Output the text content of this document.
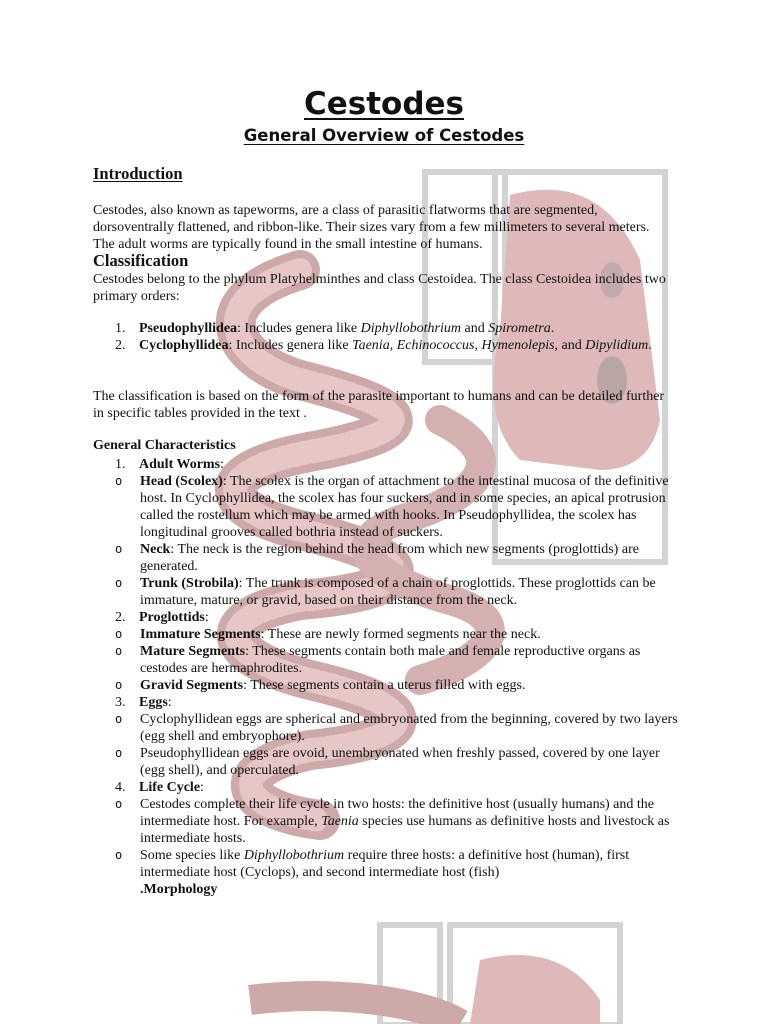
Cestodes
General Overview of Cestodes
Introduction
Cestodes, also known as tapeworms, are a class of parasitic flatworms that are segmented, dorsoventrally flattened, and ribbon-like. Their sizes vary from a few millimeters to several meters. The adult worms are typically found in the small intestine of humans.
Classification
Cestodes belong to the phylum Platyhelminthes and class Cestoidea. The class Cestoidea includes two primary orders:
1. Pseudophyllidea: Includes genera like Diphyllobothrium and Spirometra.
2. Cyclophyllidea: Includes genera like Taenia, Echinococcus, Hymenolepis, and Dipylidium.
The classification is based on the form of the parasite important to humans and can be detailed further in specific tables provided in the text .
General Characteristics
1. Adult Worms:
o Head (Scolex): The scolex is the organ of attachment to the intestinal mucosa of the definitive host. In Cyclophyllidea, the scolex has four suckers, and in some species, an apical protrusion called the rostellum which may be armed with hooks. In Pseudophyllidea, the scolex has longitudinal grooves called bothria instead of suckers.
o Neck: The neck is the region behind the head from which new segments (proglottids) are generated.
o Trunk (Strobila): The trunk is composed of a chain of proglottids. These proglottids can be immature, mature, or gravid, based on their distance from the neck.
2. Proglottids:
o Immature Segments: These are newly formed segments near the neck.
o Mature Segments: These segments contain both male and female reproductive organs as cestodes are hermaphrodites.
o Gravid Segments: These segments contain a uterus filled with eggs.
3. Eggs:
o Cyclophyllidean eggs are spherical and embryonated from the beginning, covered by two layers (egg shell and embryophore).
o Pseudophyllidean eggs are ovoid, unembryonated when freshly passed, covered by one layer (egg shell), and operculated.
4. Life Cycle:
o Cestodes complete their life cycle in two hosts: the definitive host (usually humans) and the intermediate host. For example, Taenia species use humans as definitive hosts and livestock as intermediate hosts.
o Some species like Diphyllobothrium require three hosts: a definitive host (human), first intermediate host (Cyclops), and second intermediate host (fish)
.Morphology
